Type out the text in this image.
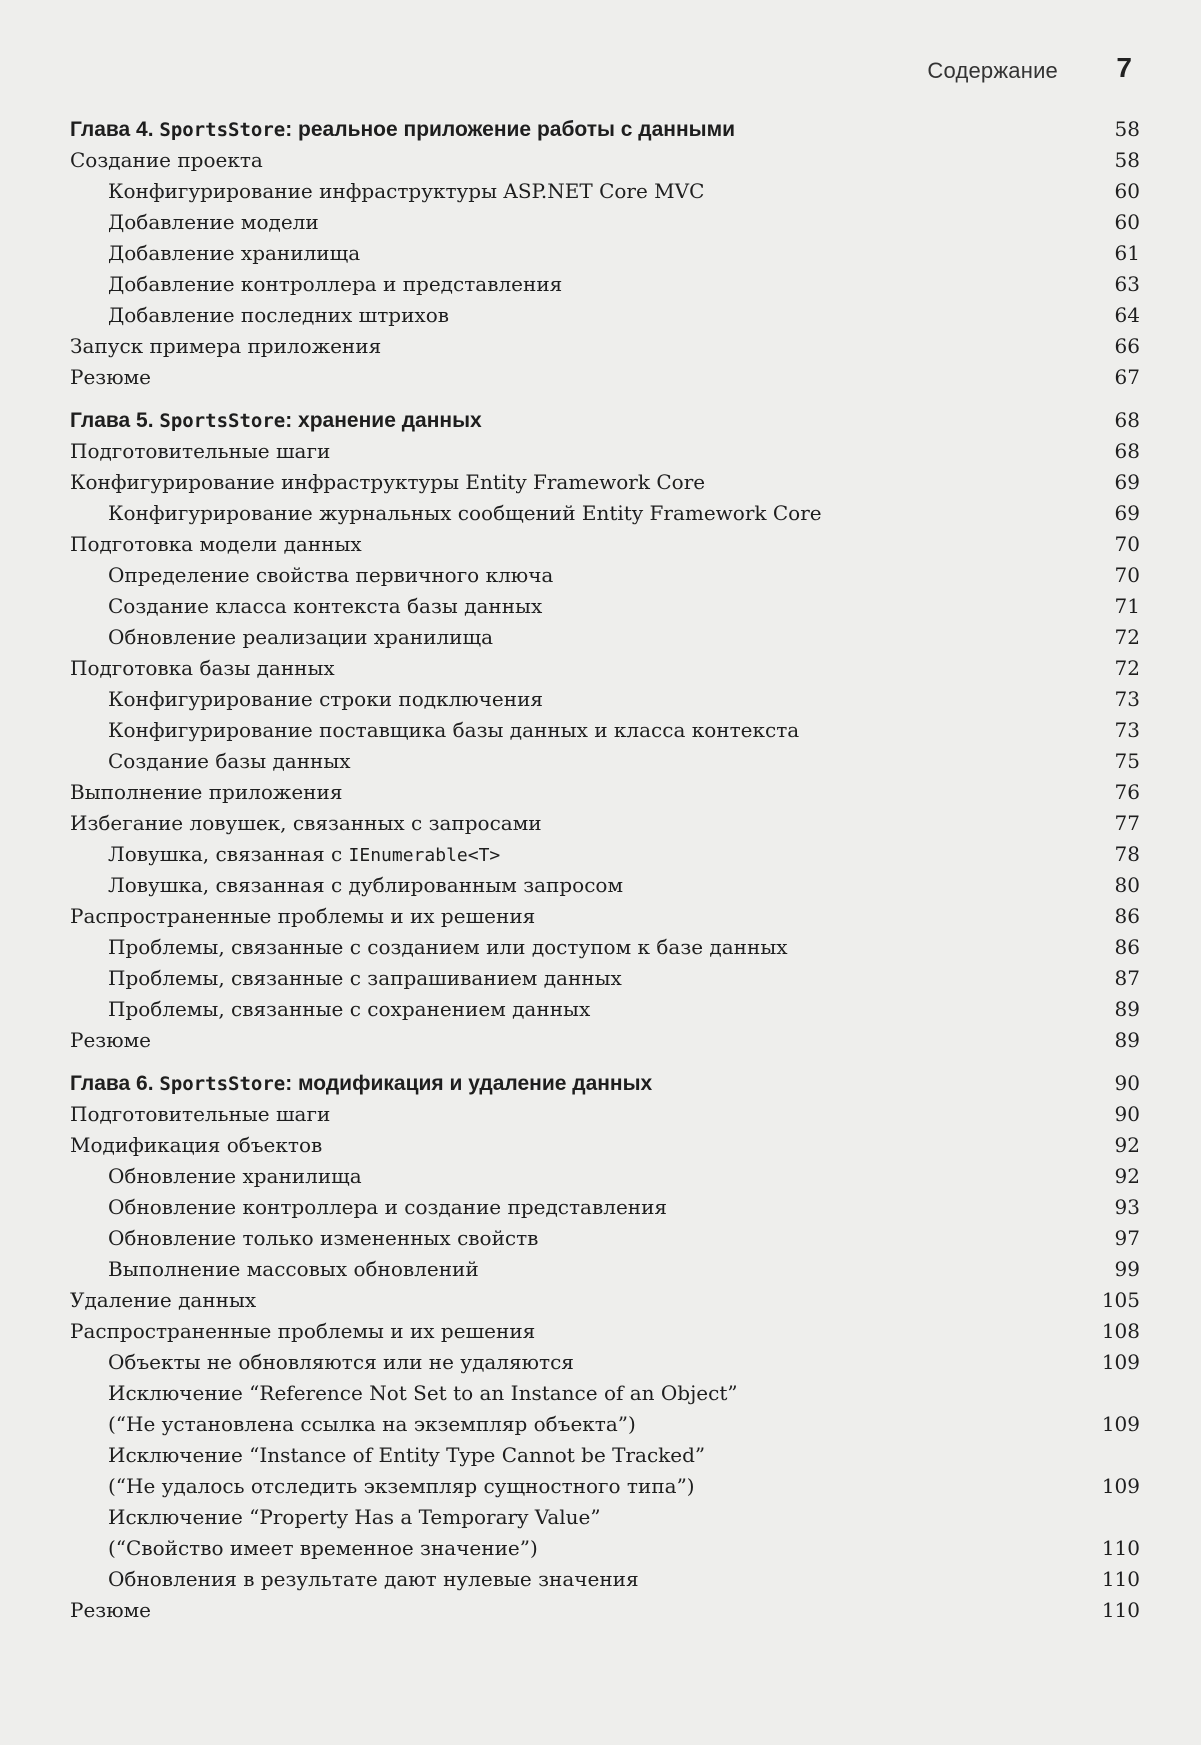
Содержание 7
Глава 4. SportsStore: реальное приложение работы с данными	58
Создание проекта	58
Конфигурирование инфраструктуры ASP.NET Core MVC	60
Добавление модели	60
Добавление хранилища	61
Добавление контроллера и представления	63
Добавление последних штрихов	64
Запуск примера приложения	66
Резюме	67
Глава 5. SportsStore: хранение данных	68
Подготовительные шаги	68
Конфигурирование инфраструктуры Entity Framework Core	69
Конфигурирование журнальных сообщений Entity Framework Core	69
Подготовка модели данных	70
Определение свойства первичного ключа	70
Создание класса контекста базы данных	71
Обновление реализации хранилища	72
Подготовка базы данных	72
Конфигурирование строки подключения	73
Конфигурирование поставщика базы данных и класса контекста	73
Создание базы данных	75
Выполнение приложения	76
Избегание ловушек, связанных с запросами	77
Ловушка, связанная с IEnumerable<T>	78
Ловушка, связанная с дублированным запросом	80
Распространенные проблемы и их решения	86
Проблемы, связанные с созданием или доступом к базе данных	86
Проблемы, связанные с запрашиванием данных	87
Проблемы, связанные с сохранением данных	89
Резюме	89
Глава 6. SportsStore: модификация и удаление данных	90
Подготовительные шаги	90
Модификация объектов	92
Обновление хранилища	92
Обновление контроллера и создание представления	93
Обновление только измененных свойств	97
Выполнение массовых обновлений	99
Удаление данных	105
Распространенные проблемы и их решения	108
Объекты не обновляются или не удаляются	109
Исключение “Reference Not Set to an Instance of an Object”
(“Не установлена ссылка на экземпляр объекта”)	109
Исключение “Instance of Entity Type Cannot be Tracked”
(“Не удалось отследить экземпляр сущностного типа”)	109
Исключение “Property Has a Temporary Value”
(“Свойство имеет временное значение”)	110
Обновления в результате дают нулевые значения	110
Резюме	110
